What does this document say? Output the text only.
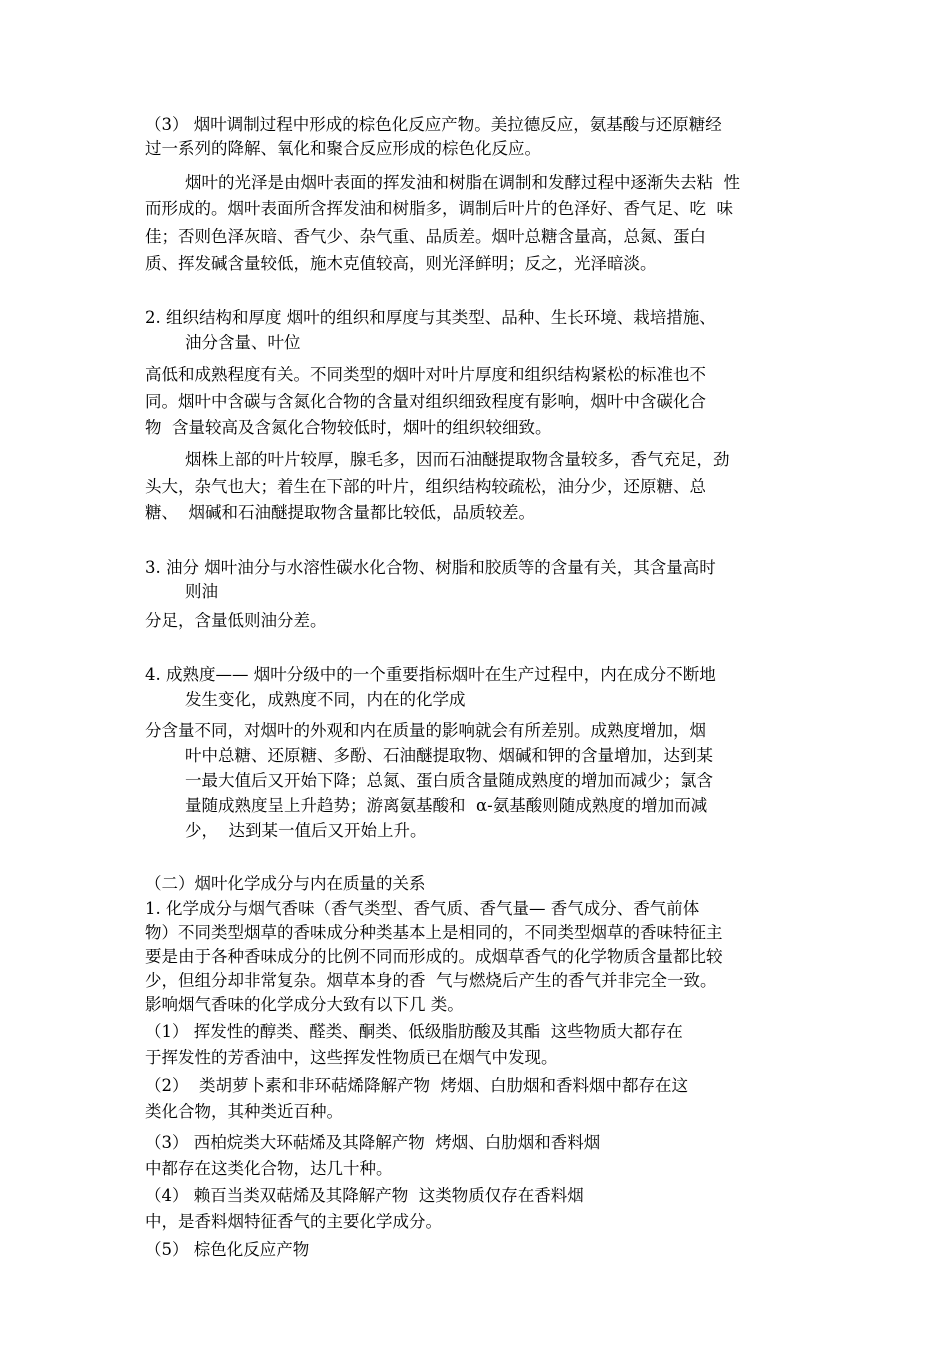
（3） 烟叶调制过程中形成的棕色化反应产物。美拉德反应，氨基酸与还原糖经
过一系列的降解、氧化和聚合反应形成的棕色化反应。
烟叶的光泽是由烟叶表面的挥发油和树脂在调制和发酵过程中逐渐失去粘  性
而形成的。烟叶表面所含挥发油和树脂多，调制后叶片的色泽好、香气足、吃  味
佳；否则色泽灰暗、香气少、杂气重、品质差。烟叶总糖含量高，总氮、蛋白
质、挥发碱含量较低，施木克值较高，则光泽鲜明；反之，光泽暗淡。
2. 组织结构和厚度 烟叶的组织和厚度与其类型、品种、生长环境、栽培措施、
油分含量、叶位
高低和成熟程度有关。不同类型的烟叶对叶片厚度和组织结构紧松的标准也不
同。烟叶中含碳与含氮化合物的含量对组织细致程度有影响，烟叶中含碳化合
物  含量较高及含氮化合物较低时，烟叶的组织较细致。
烟株上部的叶片较厚，腺毛多，因而石油醚提取物含量较多，香气充足，劲
头大，杂气也大；着生在下部的叶片，组织结构较疏松，油分少，还原糖、总
糖、  烟碱和石油醚提取物含量都比较低，品质较差。
3. 油分 烟叶油分与水溶性碳水化合物、树脂和胶质等的含量有关，其含量高时
则油
分足，含量低则油分差。
4. 成熟度—— 烟叶分级中的一个重要指标烟叶在生产过程中，内在成分不断地
发生变化，成熟度不同，内在的化学成
分含量不同，对烟叶的外观和内在质量的影响就会有所差别。成熟度增加，烟
叶中总糖、还原糖、多酚、石油醚提取物、烟碱和钾的含量增加，达到某
一最大值后又开始下降；总氮、蛋白质含量随成熟度的增加而减少；氯含
量随成熟度呈上升趋势；游离氨基酸和  α-氨基酸则随成熟度的增加而减
少，  达到某一值后又开始上升。
（二）烟叶化学成分与内在质量的关系
1. 化学成分与烟气香味（香气类型、香气质、香气量— 香气成分、香气前体
物）不同类型烟草的香味成分种类基本上是相同的，不同类型烟草的香味特征主
要是由于各种香味成分的比例不同而形成的。成烟草香气的化学物质含量都比较
少，但组分却非常复杂。烟草本身的香  气与燃烧后产生的香气并非完全一致。
影响烟气香味的化学成分大致有以下几 类。
（1） 挥发性的醇类、醛类、酮类、低级脂肪酸及其酯  这些物质大都存在
于挥发性的芳香油中，这些挥发性物质已在烟气中发现。
（2）  类胡萝卜素和非环萜烯降解产物  烤烟、白肋烟和香料烟中都存在这
类化合物，其种类近百种。
（3） 西柏烷类大环萜烯及其降解产物  烤烟、白肋烟和香料烟
中都存在这类化合物，达几十种。
（4） 赖百当类双萜烯及其降解产物  这类物质仅存在香料烟
中，是香料烟特征香气的主要化学成分。
（5） 棕色化反应产物
